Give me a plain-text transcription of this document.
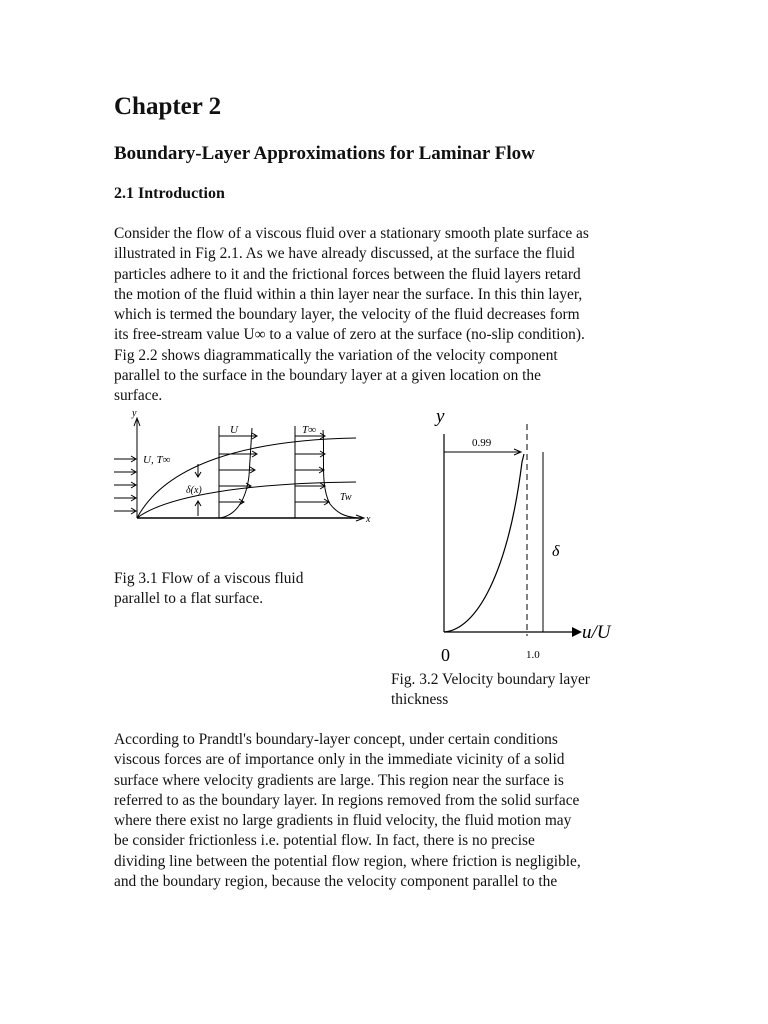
Chapter 2
Boundary-Layer Approximations for Laminar Flow
2.1 Introduction

Consider the flow of a viscous fluid over a stationary smooth plate surface as
illustrated in Fig 2.1. As we have already discussed, at the surface the fluid
particles adhere to it and the frictional forces between the fluid layers retard
the motion of the fluid within a thin layer near the surface. In this thin layer,
which is termed the boundary layer, the velocity of the fluid decreases form
its free-stream value U∞ to a value of zero at the surface (no-slip condition).
Fig 2.2 shows diagrammatically the variation of the velocity component
parallel to the surface in the boundary layer at a given location on the
surface.

y
x
U	T∞
U, T∞
δ(x)
Tw

Fig 3.1 Flow of a viscous fluid
parallel to a flat surface.

y
0.99
δ
u/U
0	1.0

Fig. 3.2 Velocity boundary layer
thickness

According to Prandtl's boundary-layer concept, under certain conditions
viscous forces are of importance only in the immediate vicinity of a solid
surface where velocity gradients are large. This region near the surface is
referred to as the boundary layer. In regions removed from the solid surface
where there exist no large gradients in fluid velocity, the fluid motion may
be consider frictionless i.e. potential flow. In fact, there is no precise
dividing line between the potential flow region, where friction is negligible,
and the boundary region, because the velocity component parallel to the
